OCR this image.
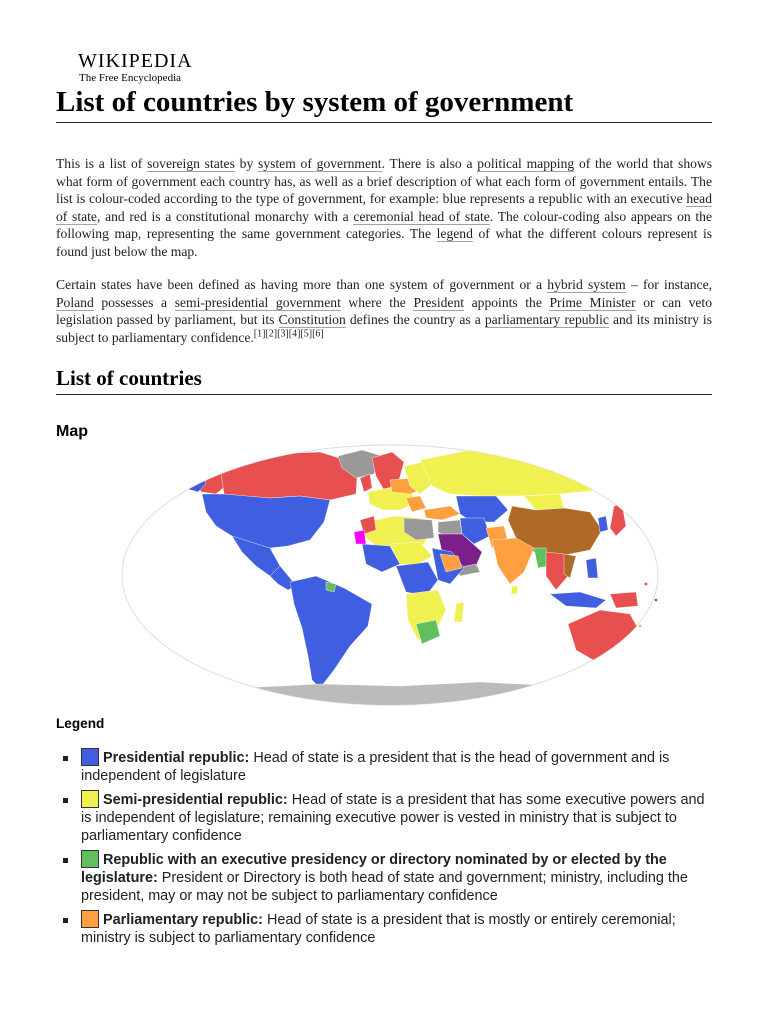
WIKIPEDIA
The Free Encyclopedia
List of countries by system of government

This is a list of sovereign states by system of government. There is also a political mapping of the world that shows what form of government each country has, as well as a brief description of what each form of government entails. The list is colour-coded according to the type of government, for example: blue represents a republic with an executive head of state, and red is a constitutional monarchy with a ceremonial head of state. The colour-coding also appears on the following map, representing the same government categories. The legend of what the different colours represent is found just below the map.

Certain states have been defined as having more than one system of government or a hybrid system – for instance, Poland possesses a semi-presidential government where the President appoints the Prime Minister or can veto legislation passed by parliament, but its Constitution defines the country as a parliamentary republic and its ministry is subject to parliamentary confidence.[1][2][3][4][5][6]

List of countries
Map
Legend
Presidential republic: Head of state is a president that is the head of government and is independent of legislature
Semi-presidential republic: Head of state is a president that has some executive powers and is independent of legislature; remaining executive power is vested in ministry that is subject to parliamentary confidence
Republic with an executive presidency or directory nominated by or elected by the legislature: President or Directory is both head of state and government; ministry, including the president, may or may not be subject to parliamentary confidence
Parliamentary republic: Head of state is a president that is mostly or entirely ceremonial; ministry is subject to parliamentary confidence
